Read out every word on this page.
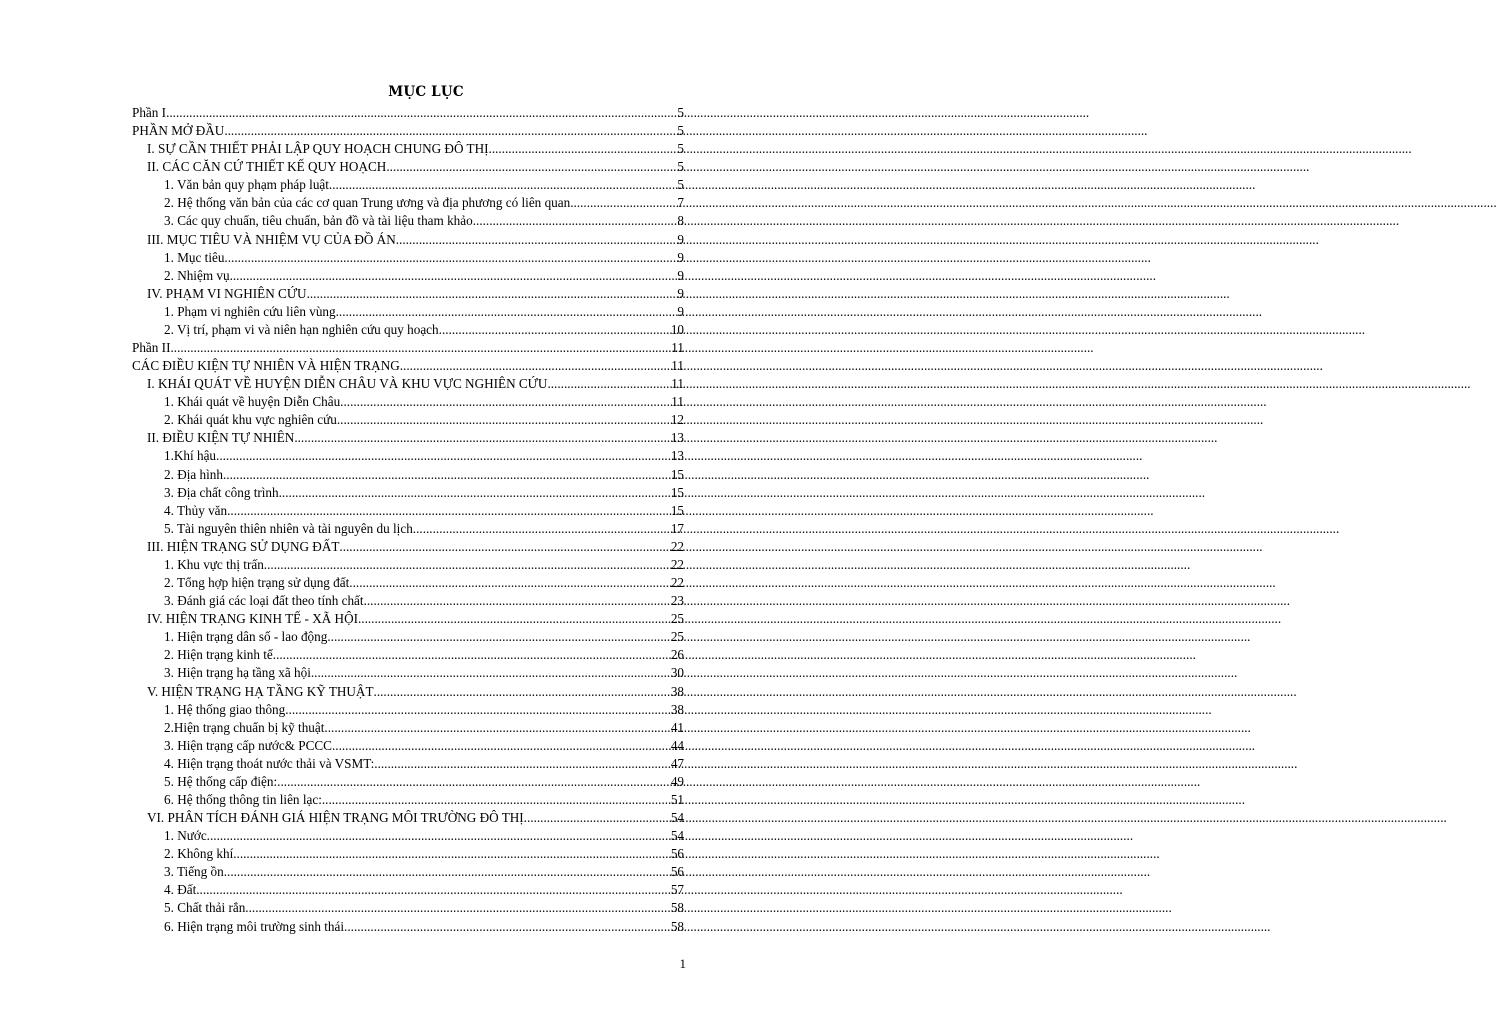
MỤC LỤC
Phần I .....	5
PHẦN MỞ ĐẦU .....	5
I. SỰ CẦN THIẾT PHẢI LẬP QUY HOẠCH CHUNG ĐÔ THỊ .....	5
II. CÁC CĂN CỨ THIẾT KẾ QUY HOẠCH .....	5
1. Văn bản quy phạm pháp luật. .....	5
2. Hệ thống văn bản của các cơ quan Trung ương và địa phương có liên quan. .....	7
3. Các quy chuẩn, tiêu chuẩn, bản đồ và tài liệu tham khảo. .....	8
III. MỤC TIÊU VÀ NHIỆM VỤ CỦA ĐỒ ÁN .....	9
1. Mục tiêu. .....	9
2. Nhiệm vụ. .....	9
IV. PHẠM VI NGHIÊN CỨU .....	9
1. Phạm vi nghiên cứu liên vùng. .....	9
2. Vị trí, phạm vi và niên hạn nghiên cứu quy hoạch. .....	10
Phần II .....	11
CÁC ĐIỀU KIỆN TỰ NHIÊN VÀ HIỆN TRẠNG .....	11
I. KHÁI QUÁT VỀ HUYỆN DIỄN CHÂU VÀ KHU VỰC NGHIÊN CỨU .....	11
1. Khái quát về huyện Diễn Châu. .....	11
2. Khái quát khu vực nghiên cứu. .....	12
II. ĐIỀU KIỆN TỰ NHIÊN .....	13
1.Khí hậu. .....	13
2. Địa hình. .....	15
3. Địa chất công trình. .....	15
4. Thủy văn. .....	15
5. Tài nguyên thiên nhiên và tài nguyên du lịch. .....	17
III. HIỆN TRẠNG SỬ DỤNG ĐẤT .....	22
1. Khu vực thị trấn. .....	22
2. Tổng hợp hiện trạng sử dụng đất. .....	22
3. Đánh giá các loại đất theo tính chất. .....	23
IV. HIỆN TRẠNG KINH TẾ - XÃ HỘI .....	25
1. Hiện trạng dân số - lao động .....	25
2. Hiện trạng kinh tế .....	26
3. Hiện trạng hạ tầng xã hội. .....	30
V. HIỆN TRẠNG HẠ TẦNG KỸ THUẬT .....	38
1. Hệ thống giao thông. .....	38
2.Hiện trạng chuẩn bị kỹ thuật. .....	41
3. Hiện trạng cấp nước& PCCC .....	44
4. Hiện trạng thoát nước thải và VSMT: .....	47
5. Hệ thống cấp điện: .....	49
6. Hệ thống thông tin liên lạc: .....	51
VI. PHÂN TÍCH ĐÁNH GIÁ HIỆN TRẠNG MÔI TRƯỜNG ĐÔ THỊ .....	54
1. Nước. .....	54
2. Không khí. .....	56
3. Tiếng ồn. .....	56
4. Đất. .....	57
5. Chất thải rắn. .....	58
6. Hiện trạng môi trường sinh thái. .....	58
1
